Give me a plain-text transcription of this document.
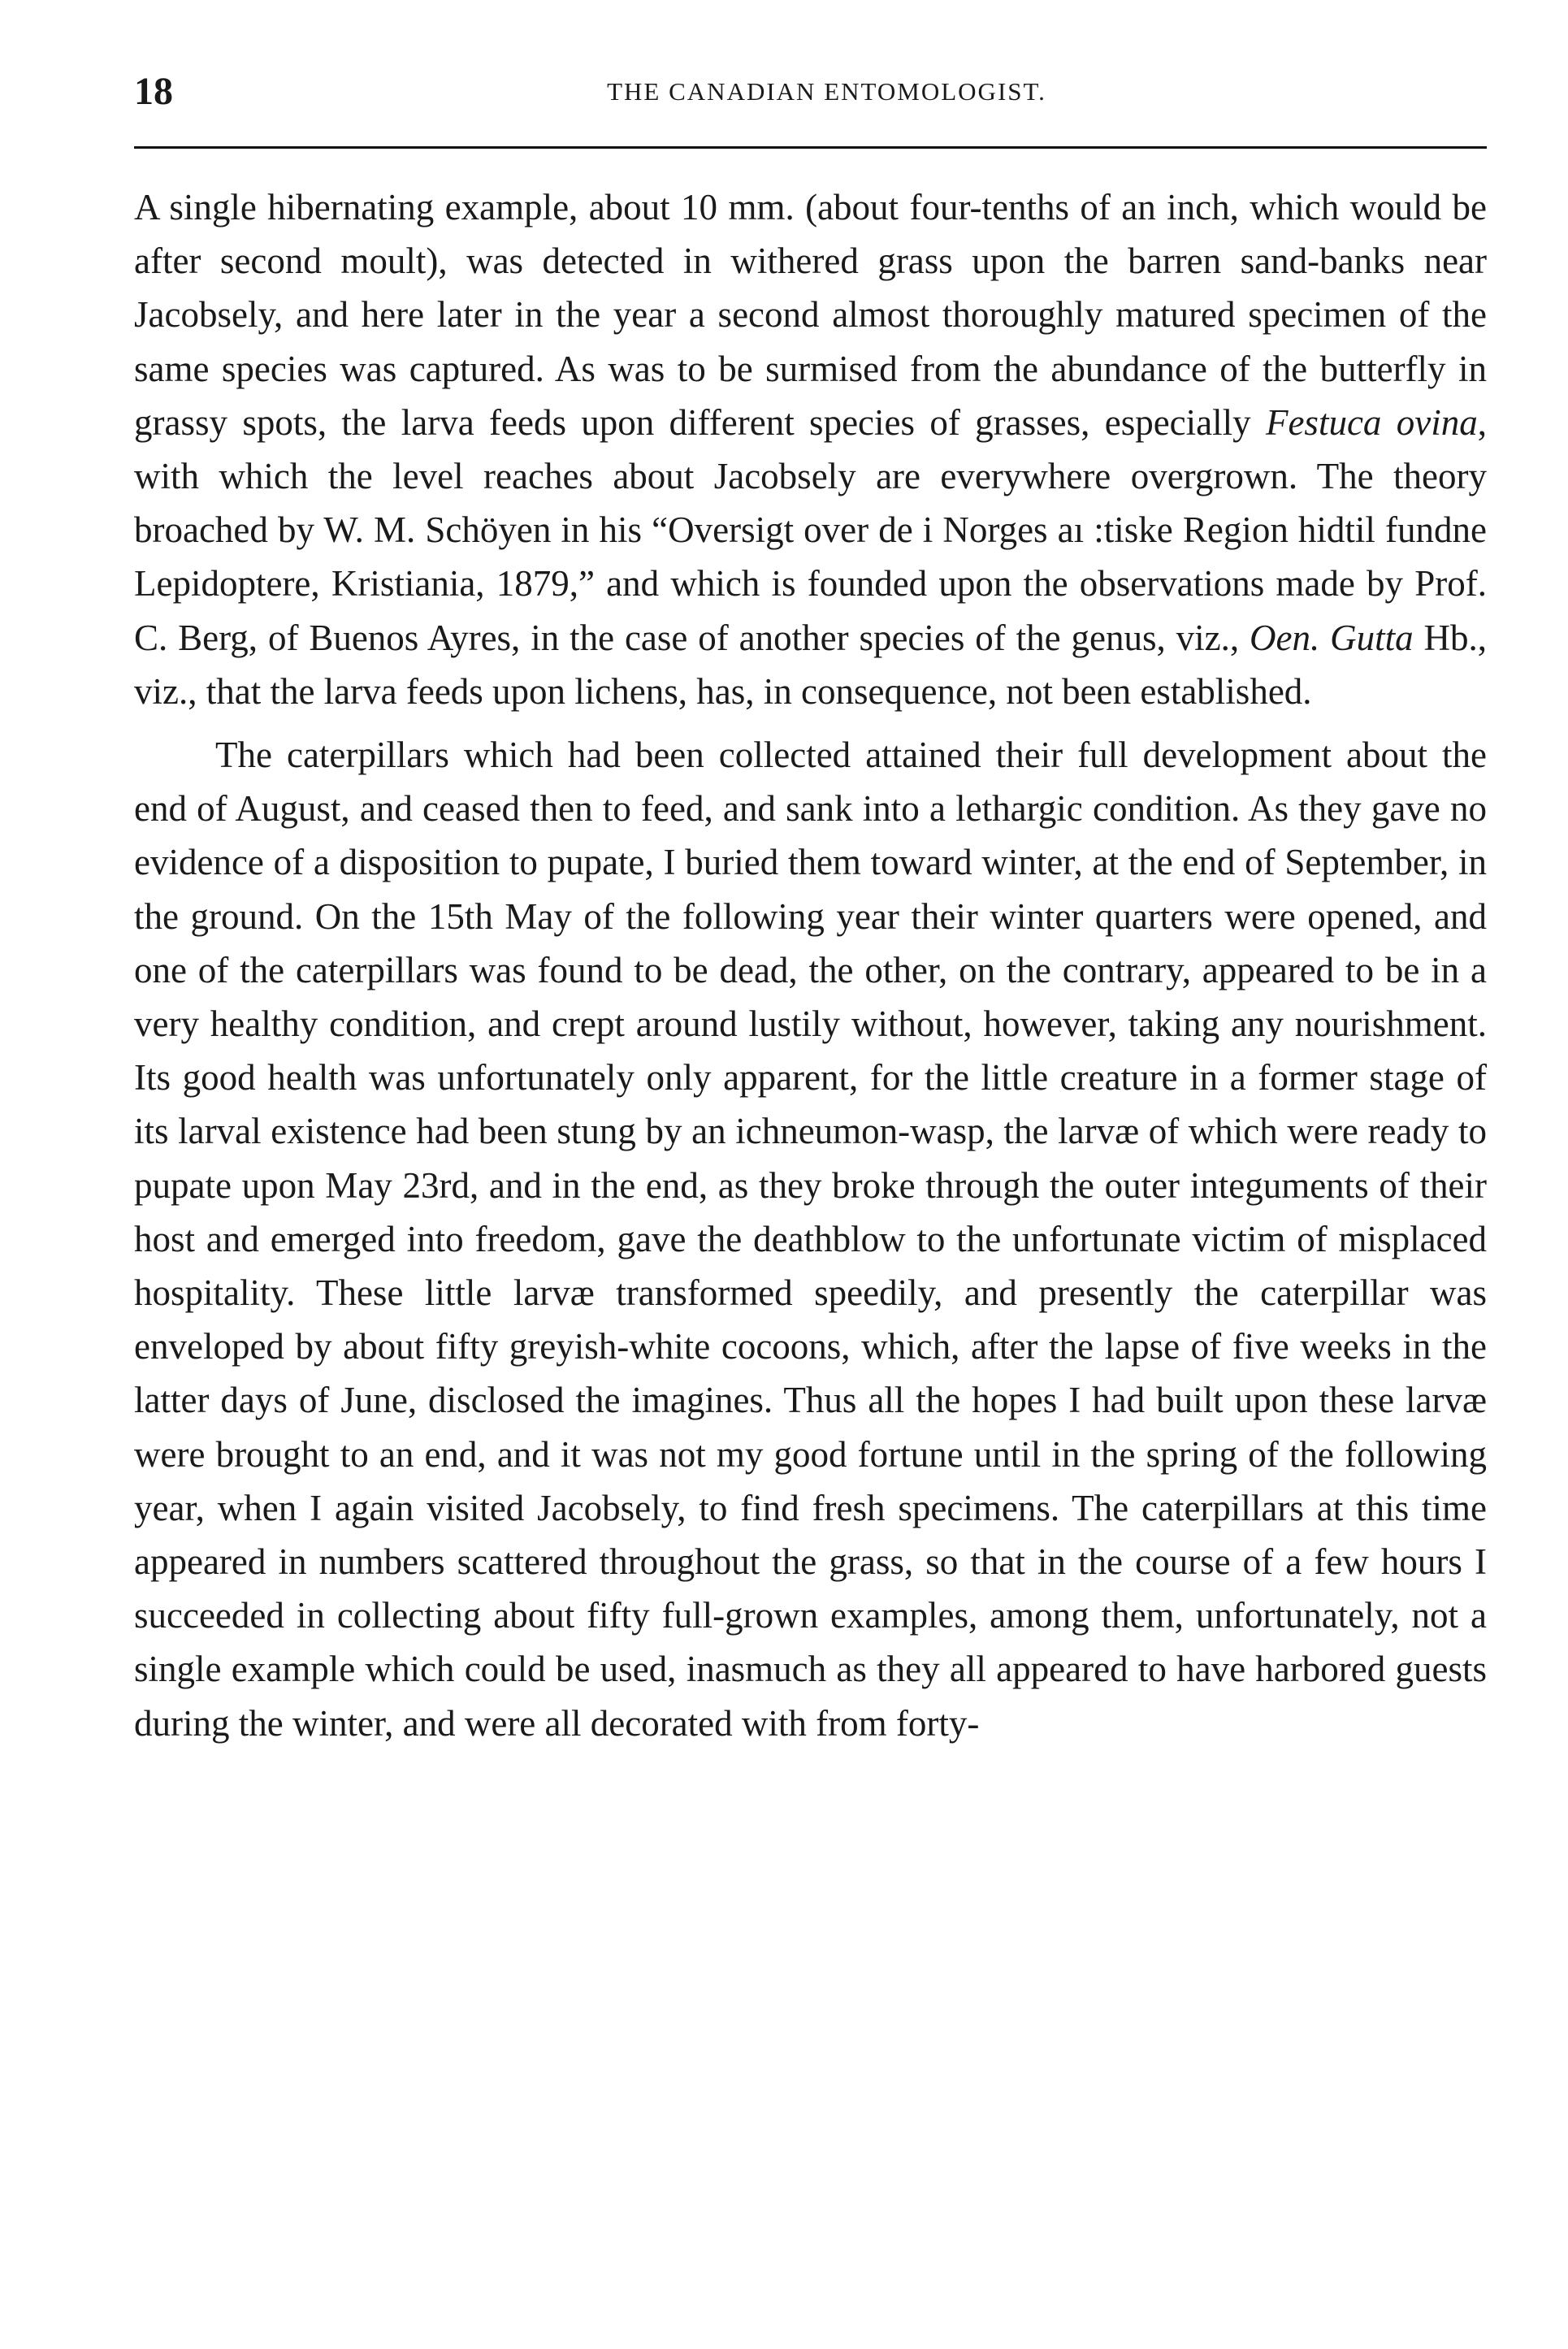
18	THE CANADIAN ENTOMOLOGIST.

A single hibernating example, about 10 mm. (about four-tenths of an inch, which would be after second moult), was detected in withered grass upon the barren sand-banks near Jacobsely, and here later in the year a second almost thoroughly matured specimen of the same species was captured. As was to be surmised from the abundance of the butterfly in grassy spots, the larva feeds upon different species of grasses, especially Festuca ovina, with which the level reaches about Jacobsely are everywhere overgrown. The theory broached by W. M. Schöyen in his “Oversigt over de i Norges aı :tiske Region hidtil fundne Lepidoptere, Kristiania, 1879,” and which is founded upon the observations made by Prof. C. Berg, of Buenos Ayres, in the case of another species of the genus, viz., Oen. Gutta Hb., viz., that the larva feeds upon lichens, has, in consequence, not been established.

The caterpillars which had been collected attained their full development about the end of August, and ceased then to feed, and sank into a lethargic condition. As they gave no evidence of a disposition to pupate, I buried them toward winter, at the end of September, in the ground. On the 15th May of the following year their winter quarters were opened, and one of the caterpillars was found to be dead, the other, on the contrary, appeared to be in a very healthy condition, and crept around lustily without, however, taking any nourishment. Its good health was unfortunately only apparent, for the little creature in a former stage of its larval existence had been stung by an ichneumon-wasp, the larvæ of which were ready to pupate upon May 23rd, and in the end, as they broke through the outer integuments of their host and emerged into freedom, gave the deathblow to the unfortunate victim of misplaced hospitality. These little larvæ transformed speedily, and presently the caterpillar was enveloped by about fifty greyish-white cocoons, which, after the lapse of five weeks in the latter days of June, disclosed the imagines. Thus all the hopes I had built upon these larvæ were brought to an end, and it was not my good fortune until in the spring of the following year, when I again visited Jacobsely, to find fresh specimens. The caterpillars at this time appeared in numbers scattered throughout the grass, so that in the course of a few hours I succeeded in collecting about fifty full-grown examples, among them, unfortunately, not a single example which could be used, inasmuch as they all appeared to have harbored guests during the winter, and were all decorated with from forty-
